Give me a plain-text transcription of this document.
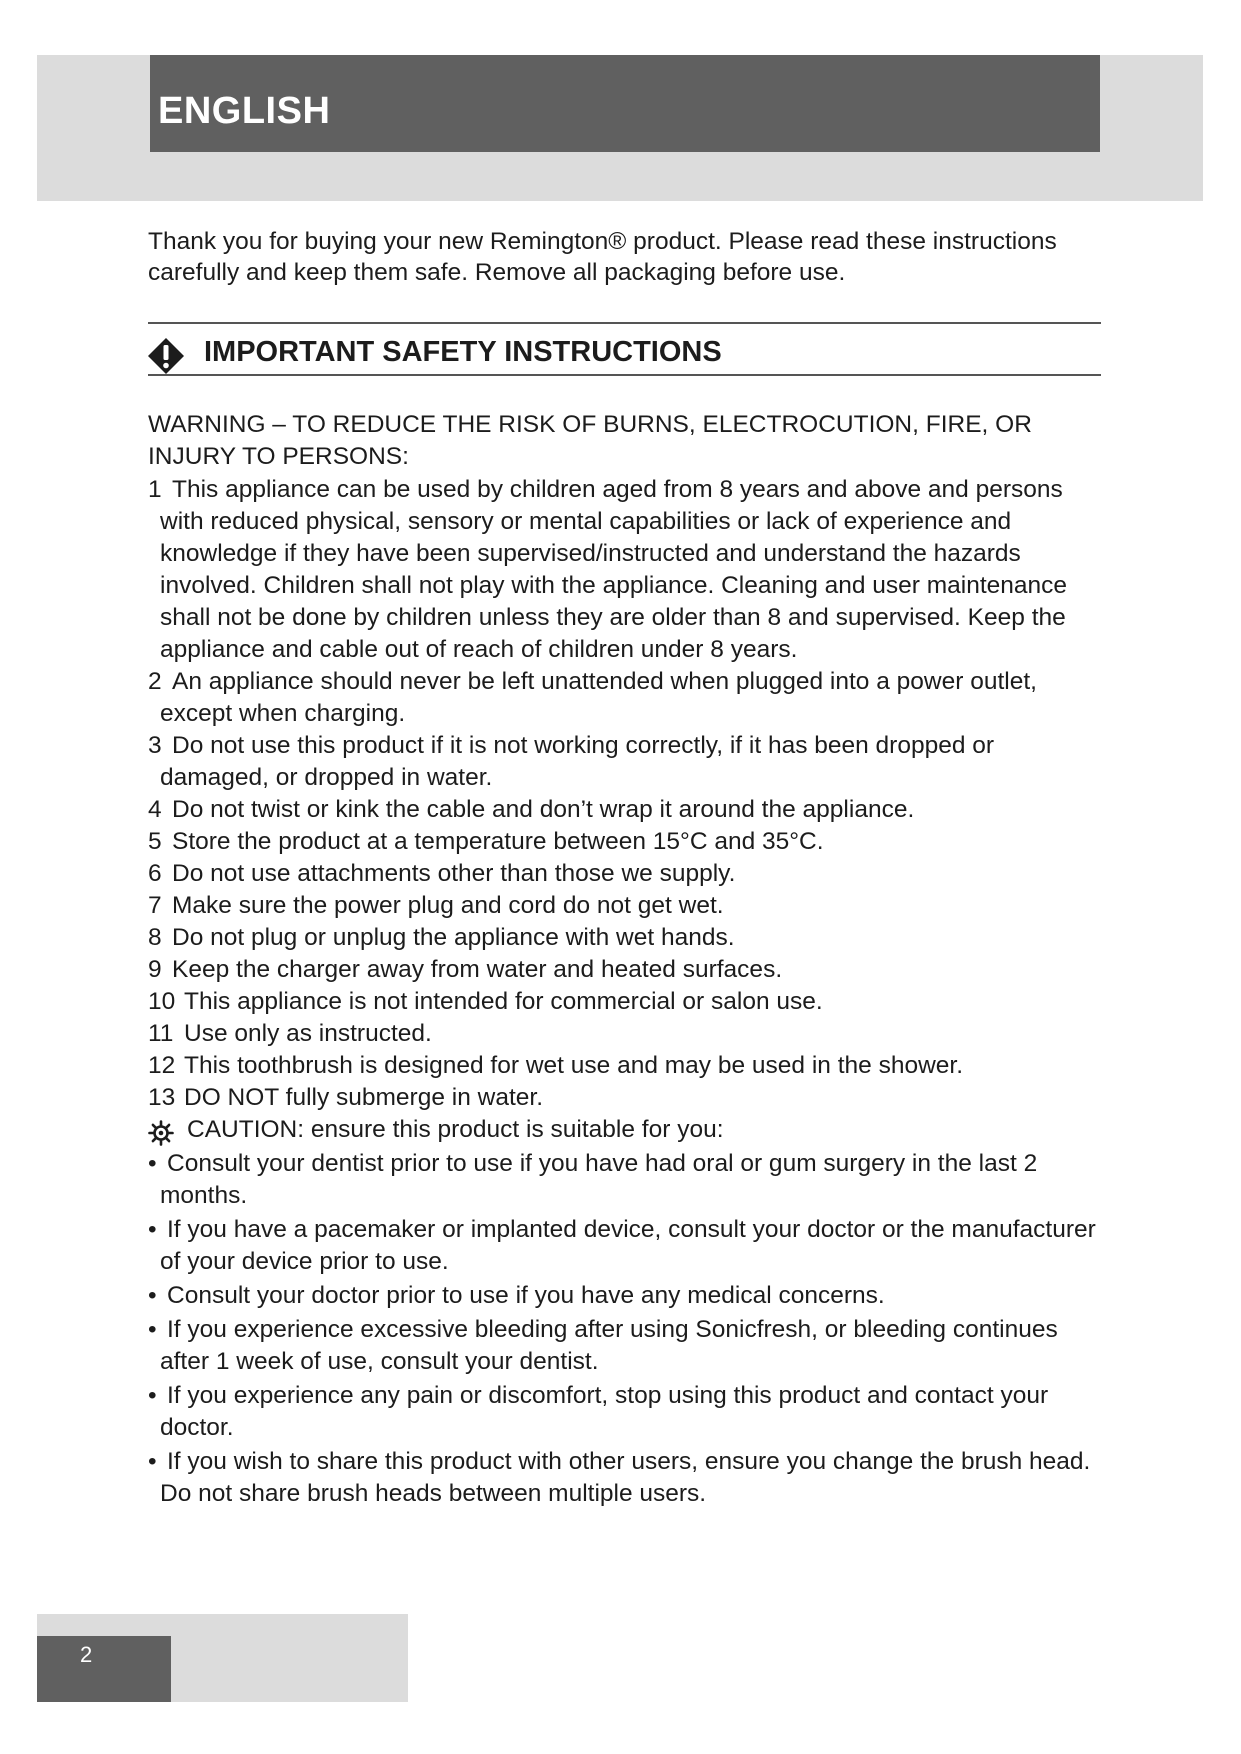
ENGLISH
Thank you for buying your new Remington® product. Please read these instructions carefully and keep them safe. Remove all packaging before use.
IMPORTANT SAFETY INSTRUCTIONS
WARNING – TO REDUCE THE RISK OF BURNS, ELECTROCUTION, FIRE, OR INJURY TO PERSONS:
1 This appliance can be used by children aged from 8 years and above and persons with reduced physical, sensory or mental capabilities or lack of experience and knowledge if they have been supervised/instructed and understand the hazards involved. Children shall not play with the appliance. Cleaning and user maintenance shall not be done by children unless they are older than 8 and supervised. Keep the appliance and cable out of reach of children under 8 years.
2 An appliance should never be left unattended when plugged into a power outlet, except when charging.
3 Do not use this product if it is not working correctly, if it has been dropped or damaged, or dropped in water.
4 Do not twist or kink the cable and don’t wrap it around the appliance.
5 Store the product at a temperature between 15°C and 35°C.
6 Do not use attachments other than those we supply.
7 Make sure the power plug and cord do not get wet.
8 Do not plug or unplug the appliance with wet hands.
9 Keep the charger away from water and heated surfaces.
10 This appliance is not intended for commercial or salon use.
11 Use only as instructed.
12 This toothbrush is designed for wet use and may be used in the shower.
13 DO NOT fully submerge in water.
CAUTION: ensure this product is suitable for you:
• Consult your dentist prior to use if you have had oral or gum surgery in the last 2 months.
• If you have a pacemaker or implanted device, consult your doctor or the manufacturer of your device prior to use.
• Consult your doctor prior to use if you have any medical concerns.
• If you experience excessive bleeding after using Sonicfresh, or bleeding continues after 1 week of use, consult your dentist.
• If you experience any pain or discomfort, stop using this product and contact your doctor.
• If you wish to share this product with other users, ensure you change the brush head. Do not share brush heads between multiple users.
2
